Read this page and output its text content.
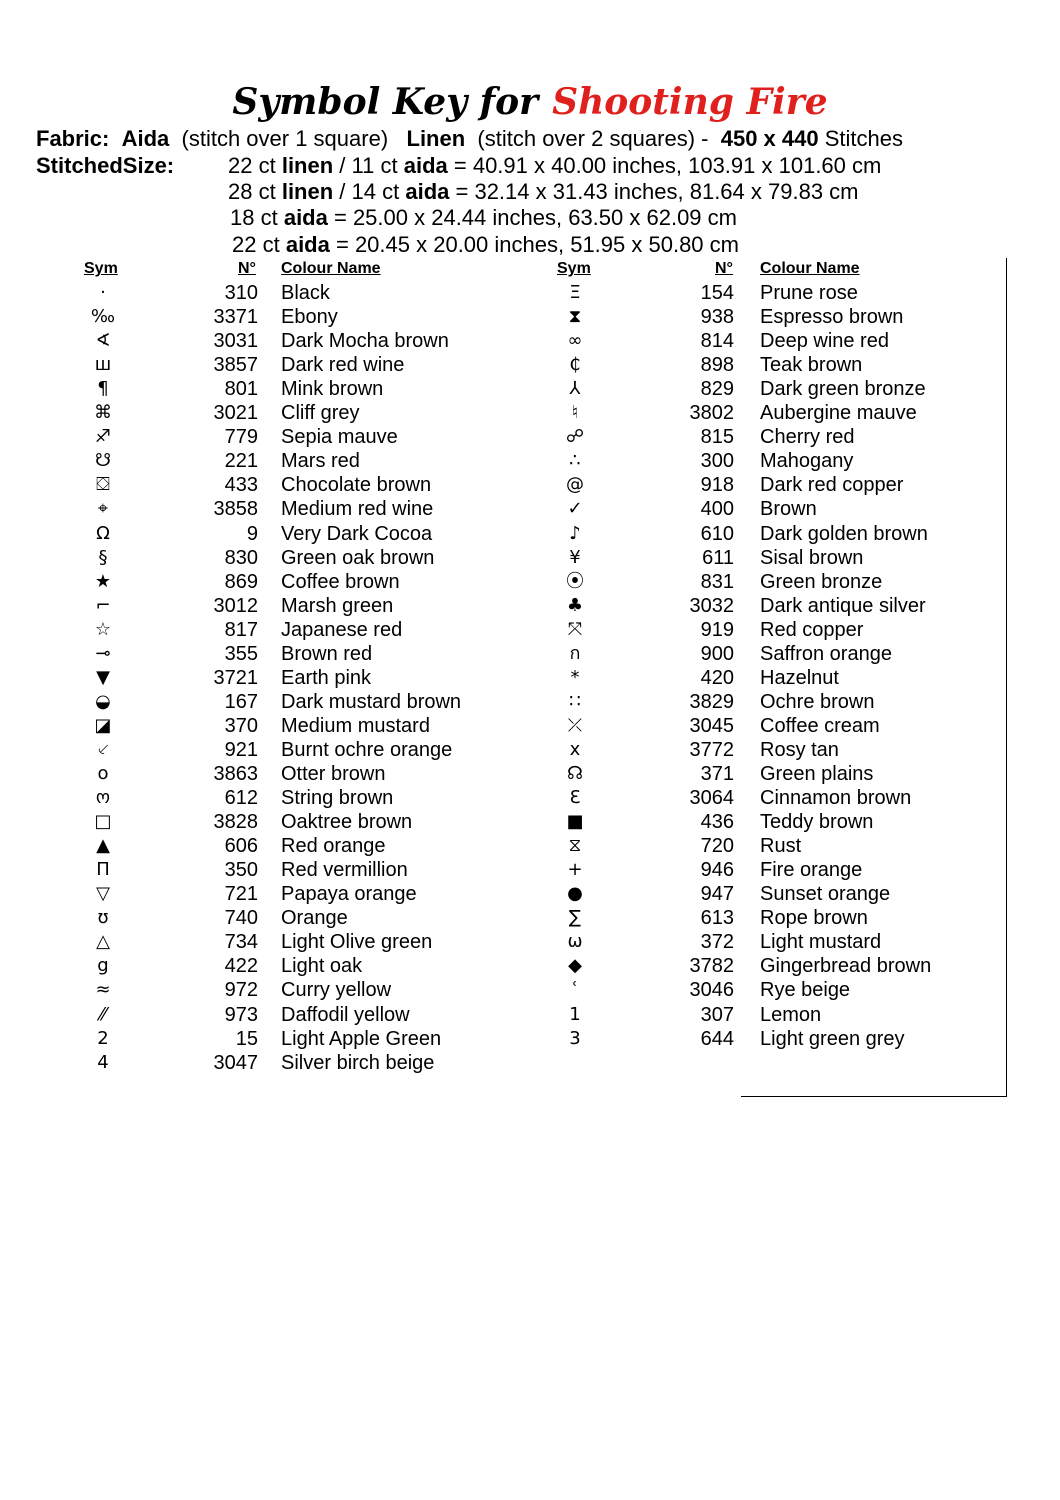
Symbol Key for Shooting Fire
Fabric: Aida (stitch over 1 square) Linen (stitch over 2 squares) - 450 x 440 Stitches
StitchedSize: 22 ct linen / 11 ct aida = 40.91 x 40.00 inches, 103.91 x 101.60 cm
28 ct linen / 14 ct aida = 32.14 x 31.43 inches, 81.64 x 79.83 cm
18 ct aida = 25.00 x 24.44 inches, 63.50 x 62.09 cm
22 ct aida = 20.45 x 20.00 inches, 51.95 x 50.80 cm
Sym	N° Colour Name	Sym	N° Colour Name
·	310 Black
‰	3371 Ebony
∢	3031 Dark Mocha brown
ш	3857 Dark red wine
¶	801 Mink brown
⌘	3021 Cliff grey
♐	779 Sepia mauve
☋	221 Mars red
⛋	433 Chocolate brown
⌖	3858 Medium red wine
Ω	9 Very Dark Cocoa
§	830 Green oak brown
★	869 Coffee brown
⌐	3012 Marsh green
☆	817 Japanese red
⊸	355 Brown red
▼	3721 Earth pink
◒	167 Dark mustard brown
◪	370 Medium mustard
⸔	921 Burnt ochre orange
o	3863 Otter brown
ო	612 String brown
□	3828 Oaktree brown
▲	606 Red orange
Π	350 Red vermillion
▽	721 Papaya orange
ʊ	740 Orange
△	734 Light Olive green
g	422 Light oak
≈	972 Curry yellow
⁄⁄	973 Daffodil yellow
2	15 Light Apple Green
4	3047 Silver birch beige
Ξ	154 Prune rose
⧗	938 Espresso brown
∞	814 Deep wine red
₵	898 Teak brown
⅄	829 Dark green bronze
♮	3802 Aubergine mauve
☍	815 Cherry red
∴	300 Mahogany
@	918 Dark red copper
✓	400 Brown
♪	610 Dark golden brown
¥	611 Sisal brown
⦿	831 Green bronze
♣	3032 Dark antique silver
⤧	919 Red copper
ก	900 Saffron orange
*	420 Hazelnut
∷	3829 Ochre brown
⤫	3045 Coffee cream
x	3772 Rosy tan
☊	371 Green plains
Ɛ	3064 Cinnamon brown
■	436 Teddy brown
⧖	720 Rust
+	946 Fire orange
●	947 Sunset orange
∑	613 Rope brown
ω	372 Light mustard
◆	3782 Gingerbread brown
ʿ	3046 Rye beige
1	307 Lemon
3	644 Light green grey
